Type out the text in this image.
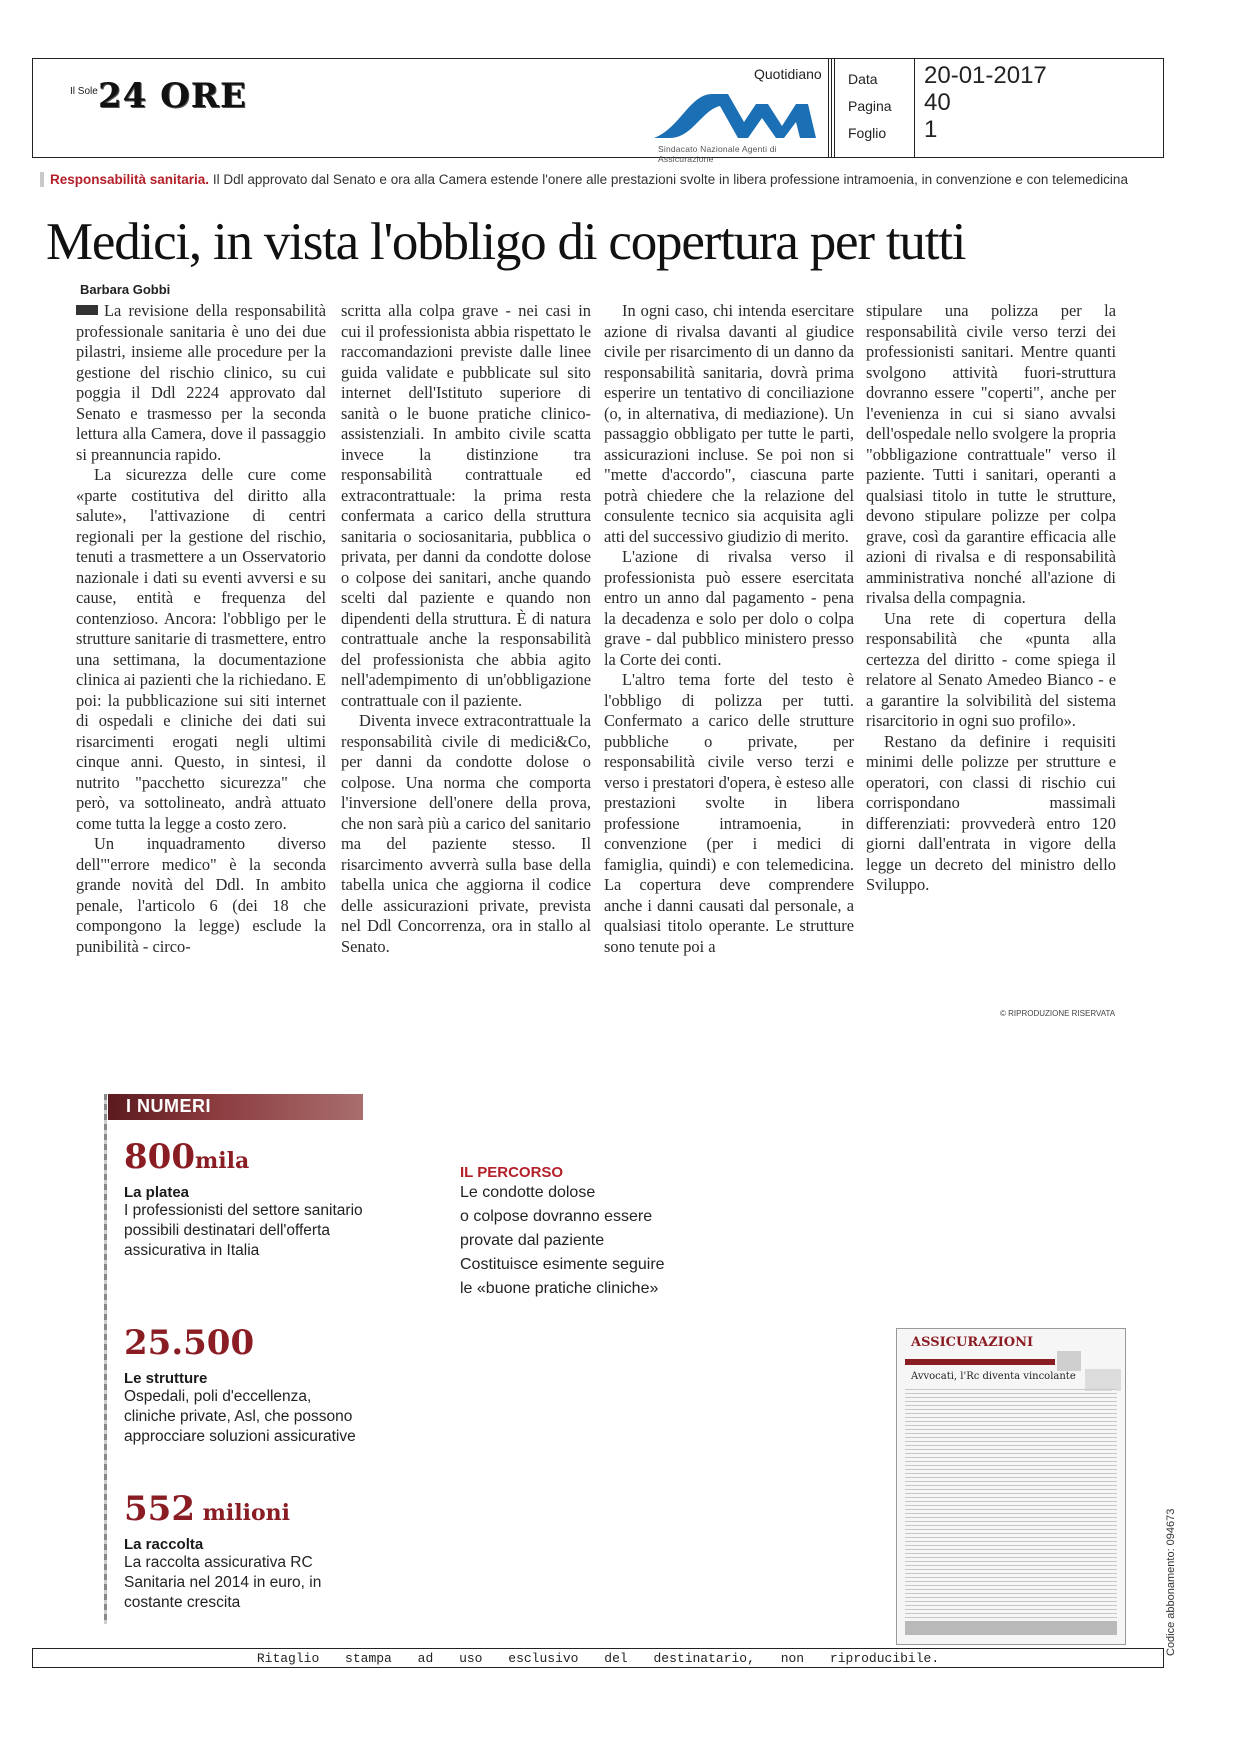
Il Sole 24 ORE
Quotidiano
Sindacato Nazionale Agenti di Assicurazione
Data 20-01-2017
Pagina 40
Foglio 1
Responsabilità sanitaria. Il Ddl approvato dal Senato e ora alla Camera estende l'onere alle prestazioni svolte in libera professione intramoenia, in convenzione e con telemedicina
Medici, in vista l'obbligo di copertura per tutti
Barbara Gobbi

La revisione della responsabilità professionale sanitaria è uno dei due pilastri, insieme alle procedure per la gestione del rischio clinico, su cui poggia il Ddl 2224 approvato dal Senato e trasmesso per la seconda lettura alla Camera, dove il passaggio si preannuncia rapido.

La sicurezza delle cure come «parte costitutiva del diritto alla salute», l'attivazione di centri regionali per la gestione del rischio, tenuti a trasmettere a un Osservatorio nazionale i dati su eventi avversi e su cause, entità e frequenza del contenzioso. Ancora: l'obbligo per le strutture sanitarie di trasmettere, entro una settimana, la documentazione clinica ai pazienti che la richiedano. E poi: la pubblicazione sui siti internet di ospedali e cliniche dei dati sui risarcimenti erogati negli ultimi cinque anni. Questo, in sintesi, il nutrito "pacchetto sicurezza" che però, va sottolineato, andrà attuato come tutta la legge a costo zero.

Un inquadramento diverso dell'"errore medico" è la seconda grande novità del Ddl. In ambito penale, l'articolo 6 (dei 18 che compongono la legge) esclude la punibilità - circo-

scritta alla colpa grave - nei casi in cui il professionista abbia rispettato le raccomandazioni previste dalle linee guida validate e pubblicate sul sito internet dell'Istituto superiore di sanità o le buone pratiche clinico-assistenziali. In ambito civile scatta invece la distinzione tra responsabilità contrattuale ed extracontrattuale: la prima resta confermata a carico della struttura sanitaria o sociosanitaria, pubblica o privata, per danni da condotte dolose o colpose dei sanitari, anche quando scelti dal paziente e quando non dipendenti della struttura. È di natura contrattuale anche la responsabilità del professionista che abbia agito nell'adempimento di un'obbligazione contrattuale con il paziente.

Diventa invece extracontrattuale la responsabilità civile di medici&Co, per danni da condotte dolose o colpose. Una norma che comporta l'inversione dell'onere della prova, che non sarà più a carico del sanitario ma del paziente stesso. Il risarcimento avverrà sulla base della tabella unica che aggiorna il codice delle assicurazioni private, prevista nel Ddl Concorrenza, ora in stallo al Senato.

In ogni caso, chi intenda esercitare azione di rivalsa davanti al giudice civile per risarcimento di un danno da responsabilità sanitaria, dovrà prima esperire un tentativo di conciliazione (o, in alternativa, di mediazione). Un passaggio obbligato per tutte le parti, assicurazioni incluse. Se poi non si "mette d'accordo", ciascuna parte potrà chiedere che la relazione del consulente tecnico sia acquisita agli atti del successivo giudizio di merito.

L'azione di rivalsa verso il professionista può essere esercitata entro un anno dal pagamento - pena la decadenza e solo per dolo o colpa grave - dal pubblico ministero presso la Corte dei conti.

L'altro tema forte del testo è l'obbligo di polizza per tutti. Confermato a carico delle strutture pubbliche o private, per responsabilità civile verso terzi e verso i prestatori d'opera, è esteso alle prestazioni svolte in libera professione intramoenia, in convenzione (per i medici di famiglia, quindi) e con telemedicina. La copertura deve comprendere anche i danni causati dal personale, a qualsiasi titolo operante. Le strutture sono tenute poi a

stipulare una polizza per la responsabilità civile verso terzi dei professionisti sanitari. Mentre quanti svolgono attività fuori-struttura dovranno essere "coperti", anche per l'evenienza in cui si siano avvalsi dell'ospedale nello svolgere la propria "obbligazione contrattuale" verso il paziente. Tutti i sanitari, operanti a qualsiasi titolo in tutte le strutture, devono stipulare polizze per colpa grave, così da garantire efficacia alle azioni di rivalsa e di responsabilità amministrativa nonché all'azione di rivalsa della compagnia.

Una rete di copertura della responsabilità che «punta alla certezza del diritto - come spiega il relatore al Senato Amedeo Bianco - e a garantire la solvibilità del sistema risarcitorio in ogni suo profilo».

Restano da definire i requisiti minimi delle polizze per strutture e operatori, con classi di rischio cui corrispondano massimali differenziati: provvederà entro 120 giorni dall'entrata in vigore della legge un decreto del ministro dello Sviluppo.

© RIPRODUZIONE RISERVATA
I NUMERI
800mila
La platea
I professionisti del settore sanitario possibili destinatari dell'offerta assicurativa in Italia
25.500
Le strutture
Ospedali, poli d'eccellenza, cliniche private, Asl, che possono approcciare soluzioni assicurative
552 milioni
La raccolta
La raccolta assicurativa RC Sanitaria nel 2014 in euro, in costante crescita
IL PERCORSO
Le condotte dolose
o colpose dovranno essere
provate dal paziente
Costituisce esimente seguire
le «buone pratiche cliniche»
ASSICURAZIONI
Avvocati, l'Rc diventa vincolante
Codice abbonamento: 094673
Ritaglio stampa ad uso esclusivo del destinatario, non riproducibile.
